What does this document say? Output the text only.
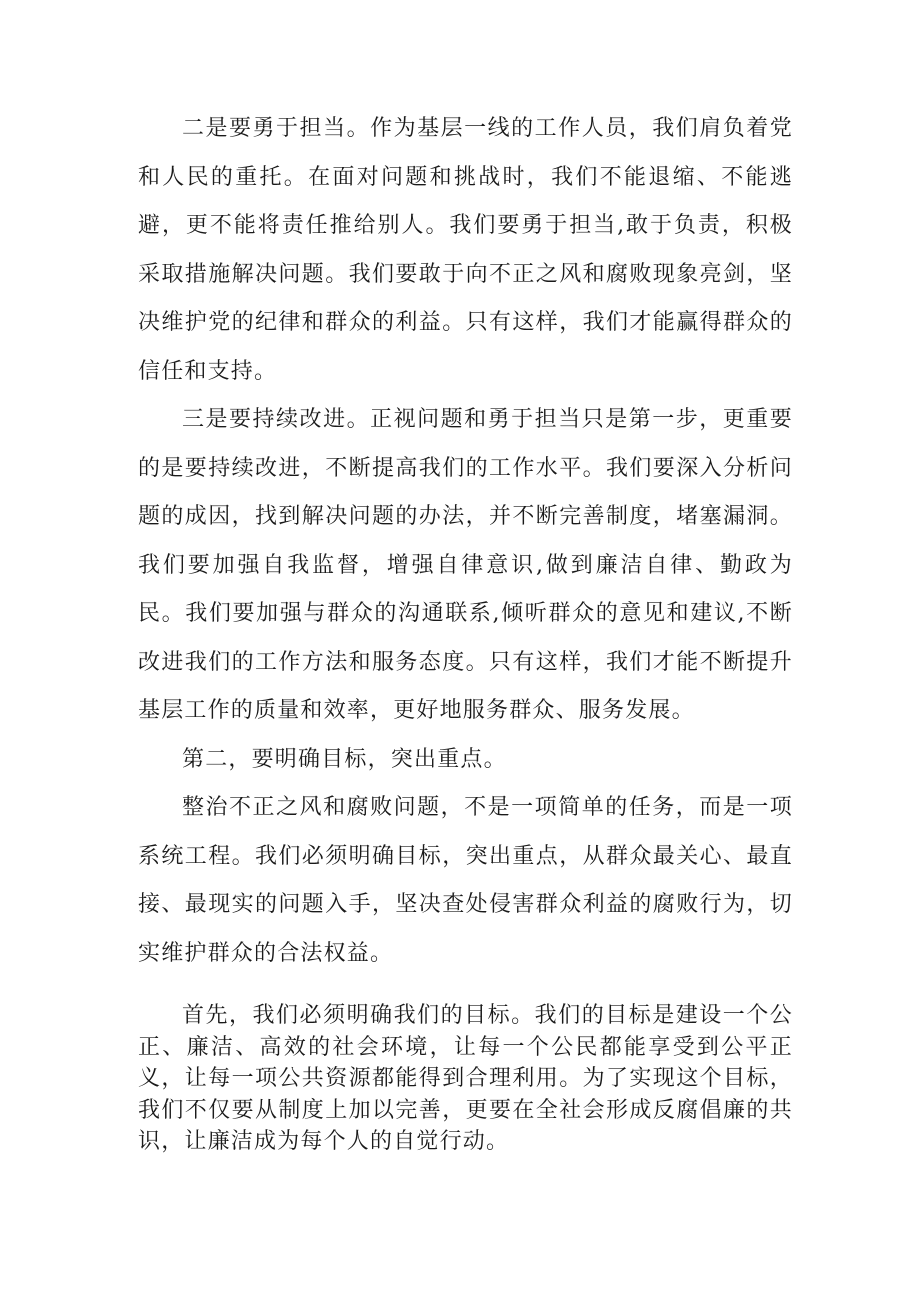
二是要勇于担当。作为基层一线的工作人员，我们肩负着党和人民的重托。在面对问题和挑战时，我们不能退缩、不能逃避，更不能将责任推给别人。我们要勇于担当,敢于负责，积极采取措施解决问题。我们要敢于向不正之风和腐败现象亮剑，坚决维护党的纪律和群众的利益。只有这样，我们才能赢得群众的信任和支持。

三是要持续改进。正视问题和勇于担当只是第一步，更重要的是要持续改进，不断提高我们的工作水平。我们要深入分析问题的成因，找到解决问题的办法，并不断完善制度，堵塞漏洞。我们要加强自我监督，增强自律意识,做到廉洁自律、勤政为民。我们要加强与群众的沟通联系,倾听群众的意见和建议,不断改进我们的工作方法和服务态度。只有这样，我们才能不断提升基层工作的质量和效率，更好地服务群众、服务发展。

第二，要明确目标，突出重点。

整治不正之风和腐败问题，不是一项简单的任务，而是一项系统工程。我们必须明确目标，突出重点，从群众最关心、最直接、最现实的问题入手，坚决查处侵害群众利益的腐败行为，切实维护群众的合法权益。

首先，我们必须明确我们的目标。我们的目标是建设一个公正、廉洁、高效的社会环境，让每一个公民都能享受到公平正义，让每一项公共资源都能得到合理利用。为了实现这个目标，我们不仅要从制度上加以完善，更要在全社会形成反腐倡廉的共识，让廉洁成为每个人的自觉行动。
